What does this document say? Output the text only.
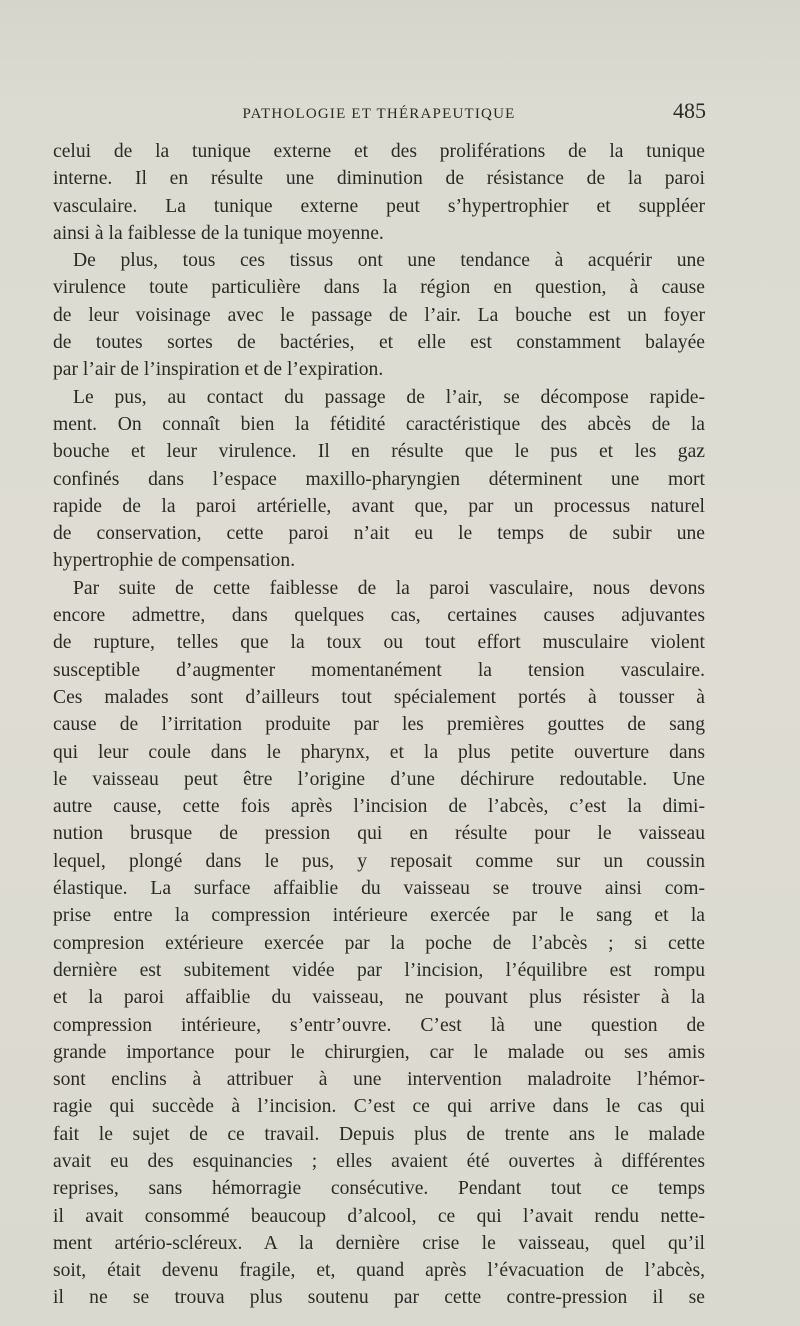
PATHOLOGIE ET THÉRAPEUTIQUE	485
celui de la tunique externe et des proliférations de la tunique
interne. Il en résulte une diminution de résistance de la paroi
vasculaire. La tunique externe peut s’hypertrophier et suppléer
ainsi à la faiblesse de la tunique moyenne.
De plus, tous ces tissus ont une tendance à acquérir une
virulence toute particulière dans la région en question, à cause
de leur voisinage avec le passage de l’air. La bouche est un foyer
de toutes sortes de bactéries, et elle est constamment balayée
par l’air de l’inspiration et de l’expiration.
Le pus, au contact du passage de l’air, se décompose rapide-
ment. On connaît bien la fétidité caractéristique des abcès de la
bouche et leur virulence. Il en résulte que le pus et les gaz
confinés dans l’espace maxillo-pharyngien déterminent une mort
rapide de la paroi artérielle, avant que, par un processus naturel
de conservation, cette paroi n’ait eu le temps de subir une
hypertrophie de compensation.
Par suite de cette faiblesse de la paroi vasculaire, nous devons
encore admettre, dans quelques cas, certaines causes adjuvantes
de rupture, telles que la toux ou tout effort musculaire violent
susceptible d’augmenter momentanément la tension vasculaire.
Ces malades sont d’ailleurs tout spécialement portés à tousser à
cause de l’irritation produite par les premières gouttes de sang
qui leur coule dans le pharynx, et la plus petite ouverture dans
le vaisseau peut être l’origine d’une déchirure redoutable. Une
autre cause, cette fois après l’incision de l’abcès, c’est la dimi-
nution brusque de pression qui en résulte pour le vaisseau
lequel, plongé dans le pus, y reposait comme sur un coussin
élastique. La surface affaiblie du vaisseau se trouve ainsi com-
prise entre la compression intérieure exercée par le sang et la
compresion extérieure exercée par la poche de l’abcès ; si cette
dernière est subitement vidée par l’incision, l’équilibre est rompu
et la paroi affaiblie du vaisseau, ne pouvant plus résister à la
compression intérieure, s’entr’ouvre. C’est là une question de
grande importance pour le chirurgien, car le malade ou ses amis
sont enclins à attribuer à une intervention maladroite l’hémor-
ragie qui succède à l’incision. C’est ce qui arrive dans le cas qui
fait le sujet de ce travail. Depuis plus de trente ans le malade
avait eu des esquinancies ; elles avaient été ouvertes à différentes
reprises, sans hémorragie consécutive. Pendant tout ce temps
il avait consommé beaucoup d’alcool, ce qui l’avait rendu nette-
ment artério-scléreux. A la dernière crise le vaisseau, quel qu’il
soit, était devenu fragile, et, quand après l’évacuation de l’abcès,
il ne se trouva plus soutenu par cette contre-pression il se
